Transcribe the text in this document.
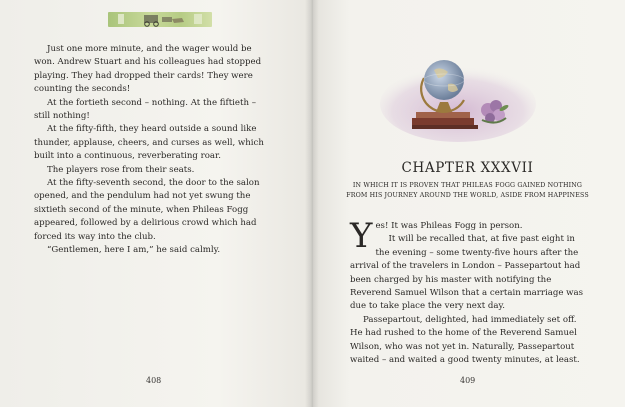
Just one more minute, and the wager would be won. Andrew Stuart and his colleagues had stopped playing. They had dropped their cards! They were counting the seconds!

At the fortieth second – nothing. At the fiftieth – still nothing!

At the fifty-fifth, they heard outside a sound like thunder, applause, cheers, and curses as well, which built into a continuous, reverberating roar.

The players rose from their seats.

At the fifty-seventh second, the door to the salon opened, and the pendulum had not yet swung the sixtieth second of the minute, when Phileas Fogg appeared, followed by a delirious crowd which had forced its way into the club.

“Gentlemen, here I am,” he said calmly.

408
CHAPTER XXXVII
IN WHICH IT IS PROVEN THAT PHILEAS FOGG GAINED NOTHING
FROM HIS JOURNEY AROUND THE WORLD, ASIDE FROM HAPPINESS

Yes! It was Phileas Fogg in person.

It will be recalled that, at five past eight in the evening – some twenty-five hours after the arrival of the travelers in London – Passepartout had been charged by his master with notifying the Reverend Samuel Wilson that a certain marriage was due to take place the very next day.

Passepartout, delighted, had immediately set off. He had rushed to the home of the Reverend Samuel Wilson, who was not yet in. Naturally, Passepartout waited – and waited a good twenty minutes, at least.

409
